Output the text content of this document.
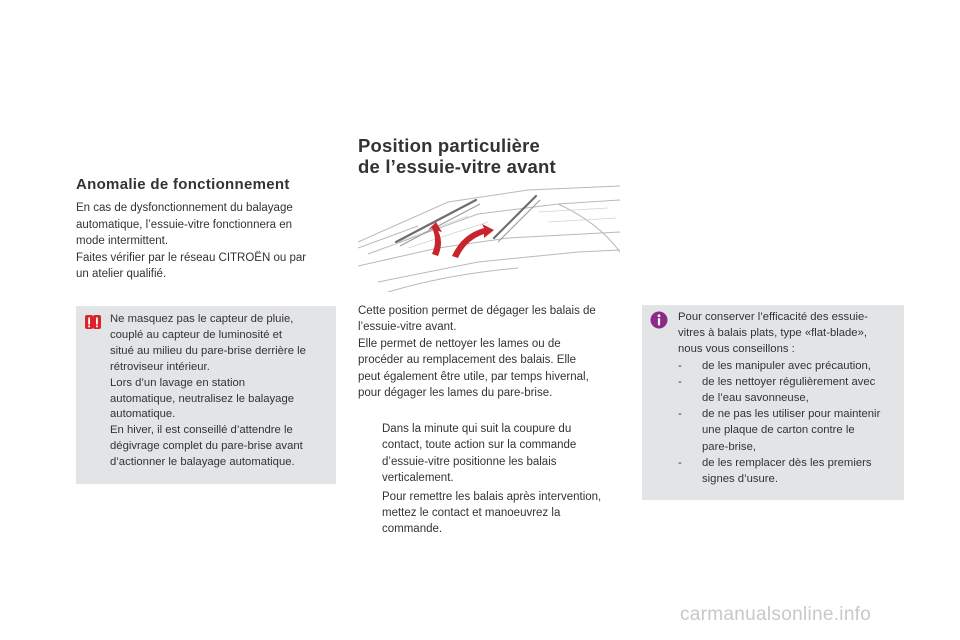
Anomalie de fonctionnement
En cas de dysfonctionnement du balayage
automatique, l’essuie-vitre fonctionnera en
mode intermittent.
Faites vérifier par le réseau CITROËN ou par
un atelier qualifié.
Ne masquez pas le capteur de pluie,
couplé au capteur de luminosité et
situé au milieu du pare-brise derrière le
rétroviseur intérieur.
Lors d’un lavage en station
automatique, neutralisez le balayage
automatique.
En hiver, il est conseillé d’attendre le
dégivrage complet du pare-brise avant
d’actionner le balayage automatique.
Position particulière
de l’essuie-vitre avant
Cette position permet de dégager les balais de
l’essuie-vitre avant.
Elle permet de nettoyer les lames ou de
procéder au remplacement des balais. Elle
peut également être utile, par temps hivernal,
pour dégager les lames du pare-brise.
Dans la minute qui suit la coupure du
contact, toute action sur la commande
d’essuie-vitre positionne les balais
verticalement.
Pour remettre les balais après intervention,
mettez le contact et manoeuvrez la
commande.
Pour conserver l’efficacité des essuie-
vitres à balais plats, type «flat-blade»,
nous vous conseillons :
- de les manipuler avec précaution,
- de les nettoyer régulièrement avec
de l’eau savonneuse,
- de ne pas les utiliser pour maintenir
une plaque de carton contre le
pare-brise,
- de les remplacer dès les premiers
signes d’usure.
carmanualsonline.info
